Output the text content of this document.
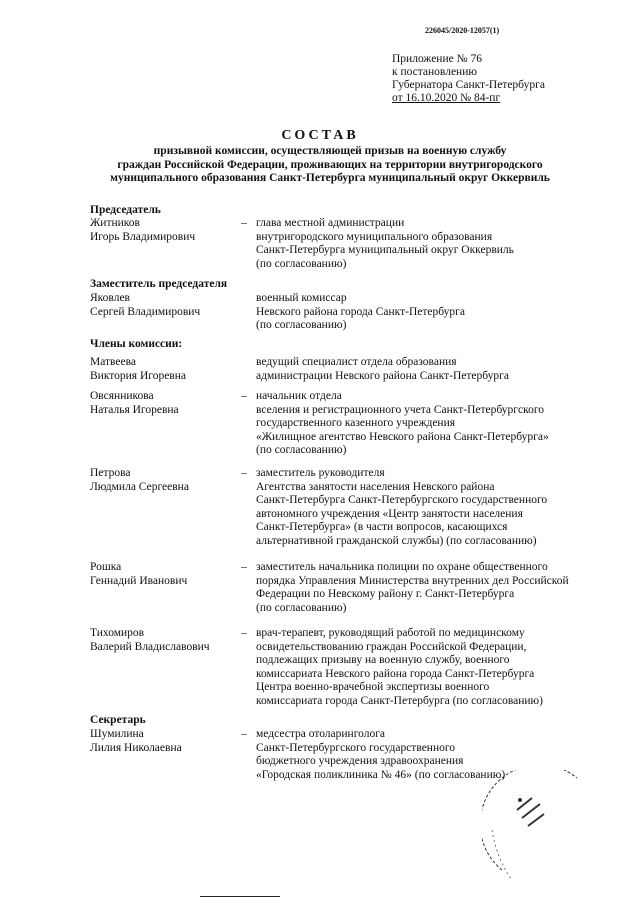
226045/2020-12057(1)
Приложение № 76
к постановлению
Губернатора Санкт-Петербурга
от 16.10.2020 № 84-пг
СОСТАВ
призывной комиссии, осуществляющей призыв на военную службу
граждан Российской Федерации, проживающих на территории внутригородского
муниципального образования Санкт-Петербурга муниципальный округ Оккервиль
Председатель
Житников
Игорь Владимирович
– глава местной администрации
внутригородского муниципального образования
Санкт-Петербурга муниципальный округ Оккервиль
(по согласованию)
Заместитель председателя
Яковлев
Сергей Владимирович
военный комиссар
Невского района города Санкт-Петербурга
(по согласованию)
Члены комиссии:
Матвеева
Виктория Игоревна
ведущий специалист отдела образования
администрации Невского района Санкт-Петербурга
Овсянникова
Наталья Игоревна
– начальник отдела
вселения и регистрационного учета Санкт-Петербургского
государственного казенного учреждения
«Жилищное агентство Невского района Санкт-Петербурга»
(по согласованию)
Петрова
Людмила Сергеевна
– заместитель руководителя
Агентства занятости населения Невского района
Санкт-Петербурга Санкт-Петербургского государственного
автономного учреждения «Центр занятости населения
Санкт-Петербурга» (в части вопросов, касающихся
альтернативной гражданской службы) (по согласованию)
Рошка
Геннадий Иванович
– заместитель начальника полиции по охране общественного
порядка Управления Министерства внутренних дел Российской
Федерации по Невскому району г. Санкт-Петербурга
(по согласованию)
Тихомиров
Валерий Владиславович
– врач-терапевт, руководящий работой по медицинскому
освидетельствованию граждан Российской Федерации,
подлежащих призыву на военную службу, военного
комиссариата Невского района города Санкт-Петербурга
Центра военно-врачебной экспертизы военного
комиссариата города Санкт-Петербурга (по согласованию)
Секретарь
Шумилина
Лилия Николаевна
– медсестра отоларинголога
Санкт-Петербургского государственного
бюджетного учреждения здравоохранения
«Городская поликлиника № 46» (по согласованию)
